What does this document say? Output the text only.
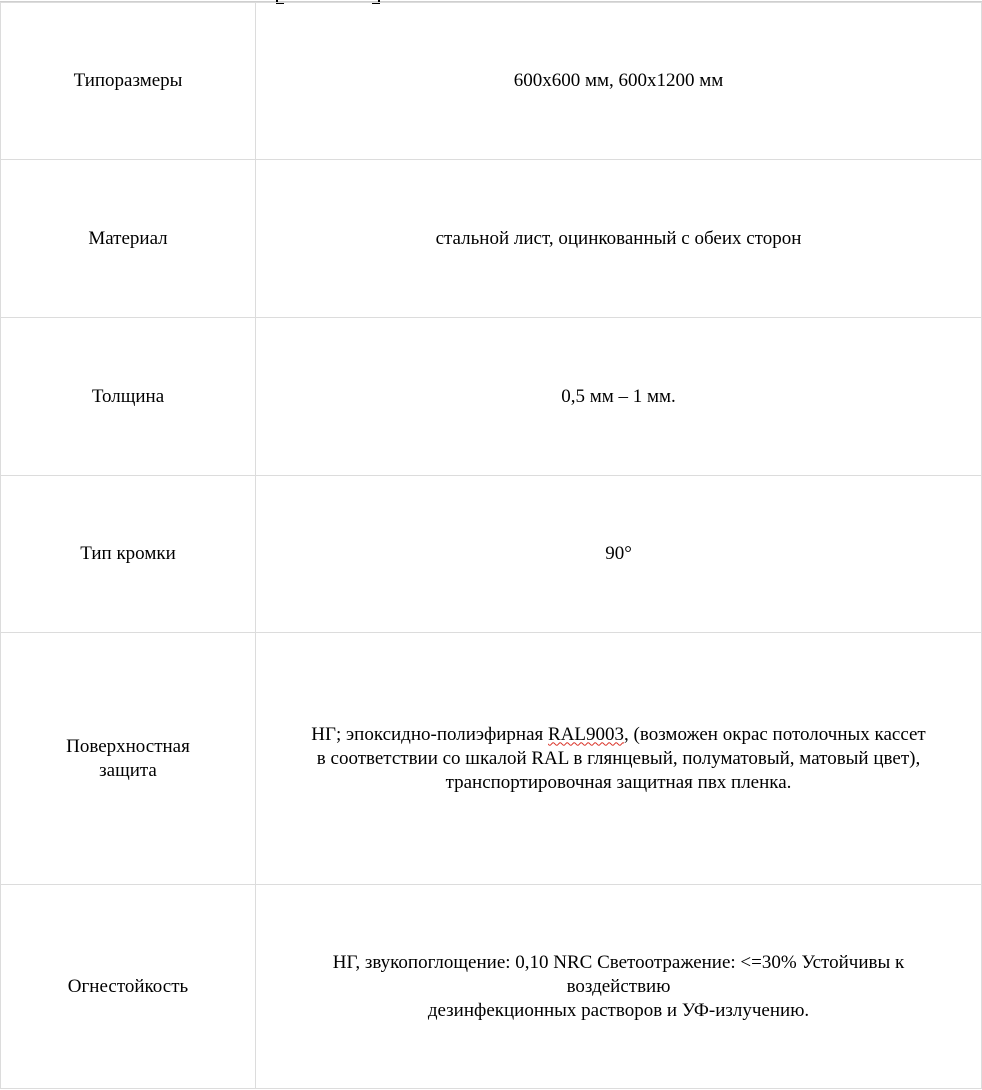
Типоразмеры	600х600 мм, 600х1200 мм
Материал	стальной лист, оцинкованный с обеих сторон
Толщина	0,5 мм – 1 мм.
Тип кромки	90°
Поверхностная
защита	НГ; эпоксидно-полиэфирная RAL9003, (возможен окрас потолочных кассет
в соответствии со шкалой RAL в глянцевый, полуматовый, матовый цвет),
транспортировочная защитная пвх пленка.

Огнестойкость	НГ, звукопоглощение: 0,10 NRC Светоотражение: <=30% Устойчивы к воздействию
дезинфекционных растворов и УФ-излучению.
